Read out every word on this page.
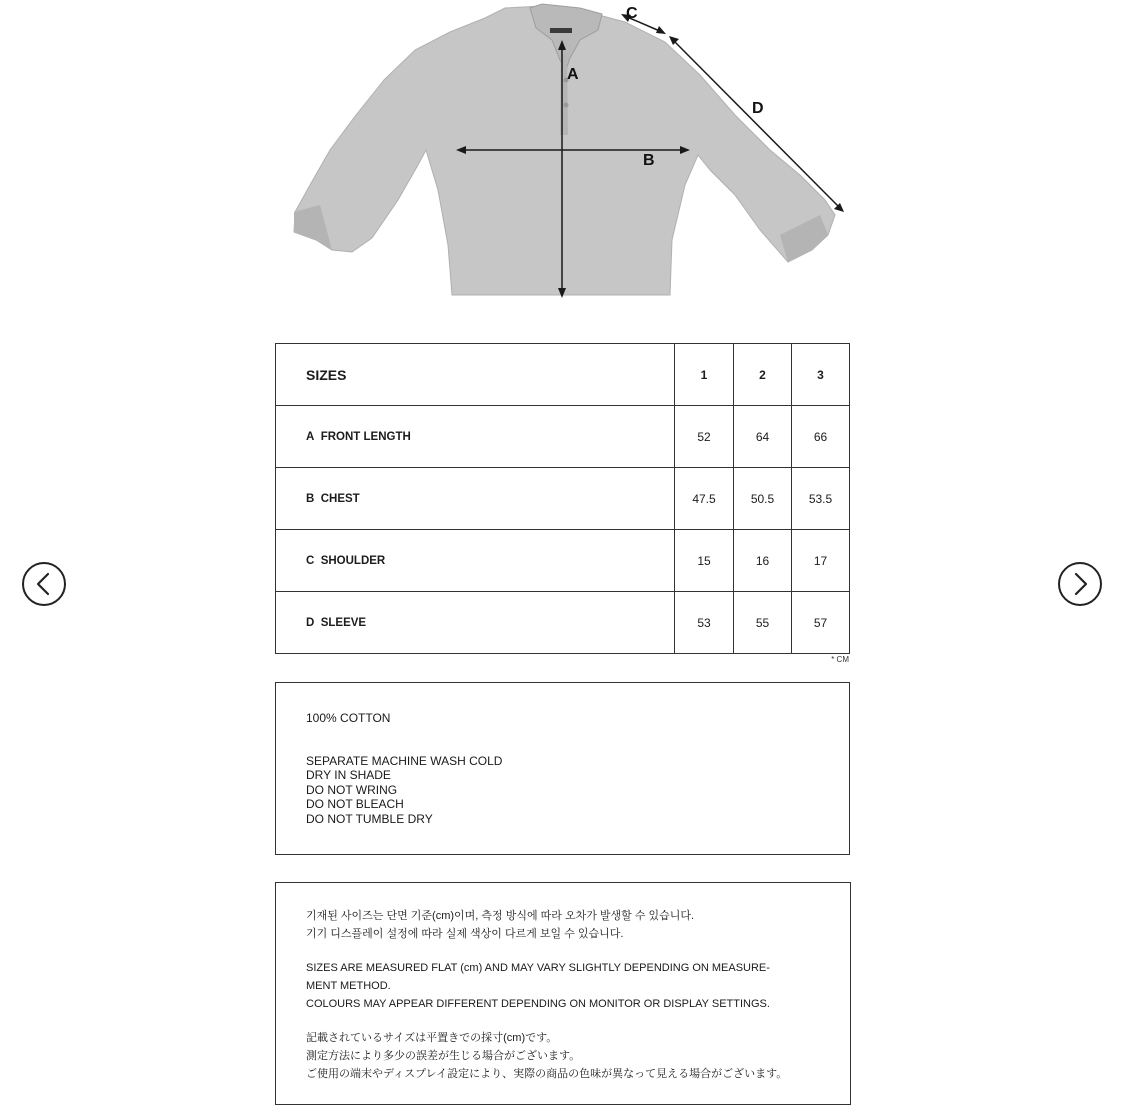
A
B
C
D
SIZES	1	2	3
A FRONT LENGTH	52	64	66
B CHEST	47.5	50.5	53.5
C SHOULDER	15	16	17
D SLEEVE	53	55	57
* CM
100% COTTON
SEPARATE MACHINE WASH COLD
DRY IN SHADE
DO NOT WRING
DO NOT BLEACH
DO NOT TUMBLE DRY
기재된 사이즈는 단면 기준(cm)이며, 측정 방식에 따라 오차가 발생할 수 있습니다.
기기 디스플레이 설정에 따라 실제 색상이 다르게 보일 수 있습니다.
SIZES ARE MEASURED FLAT (cm) AND MAY VARY SLIGHTLY DEPENDING ON MEASURE-
MENT METHOD.
COLOURS MAY APPEAR DIFFERENT DEPENDING ON MONITOR OR DISPLAY SETTINGS.
記載されているサイズは平置きでの採寸(cm)です。
測定方法により多少の誤差が生じる場合がございます。
ご使用の端末やディスプレイ設定により、実際の商品の色味が異なって見える場合がございます。
